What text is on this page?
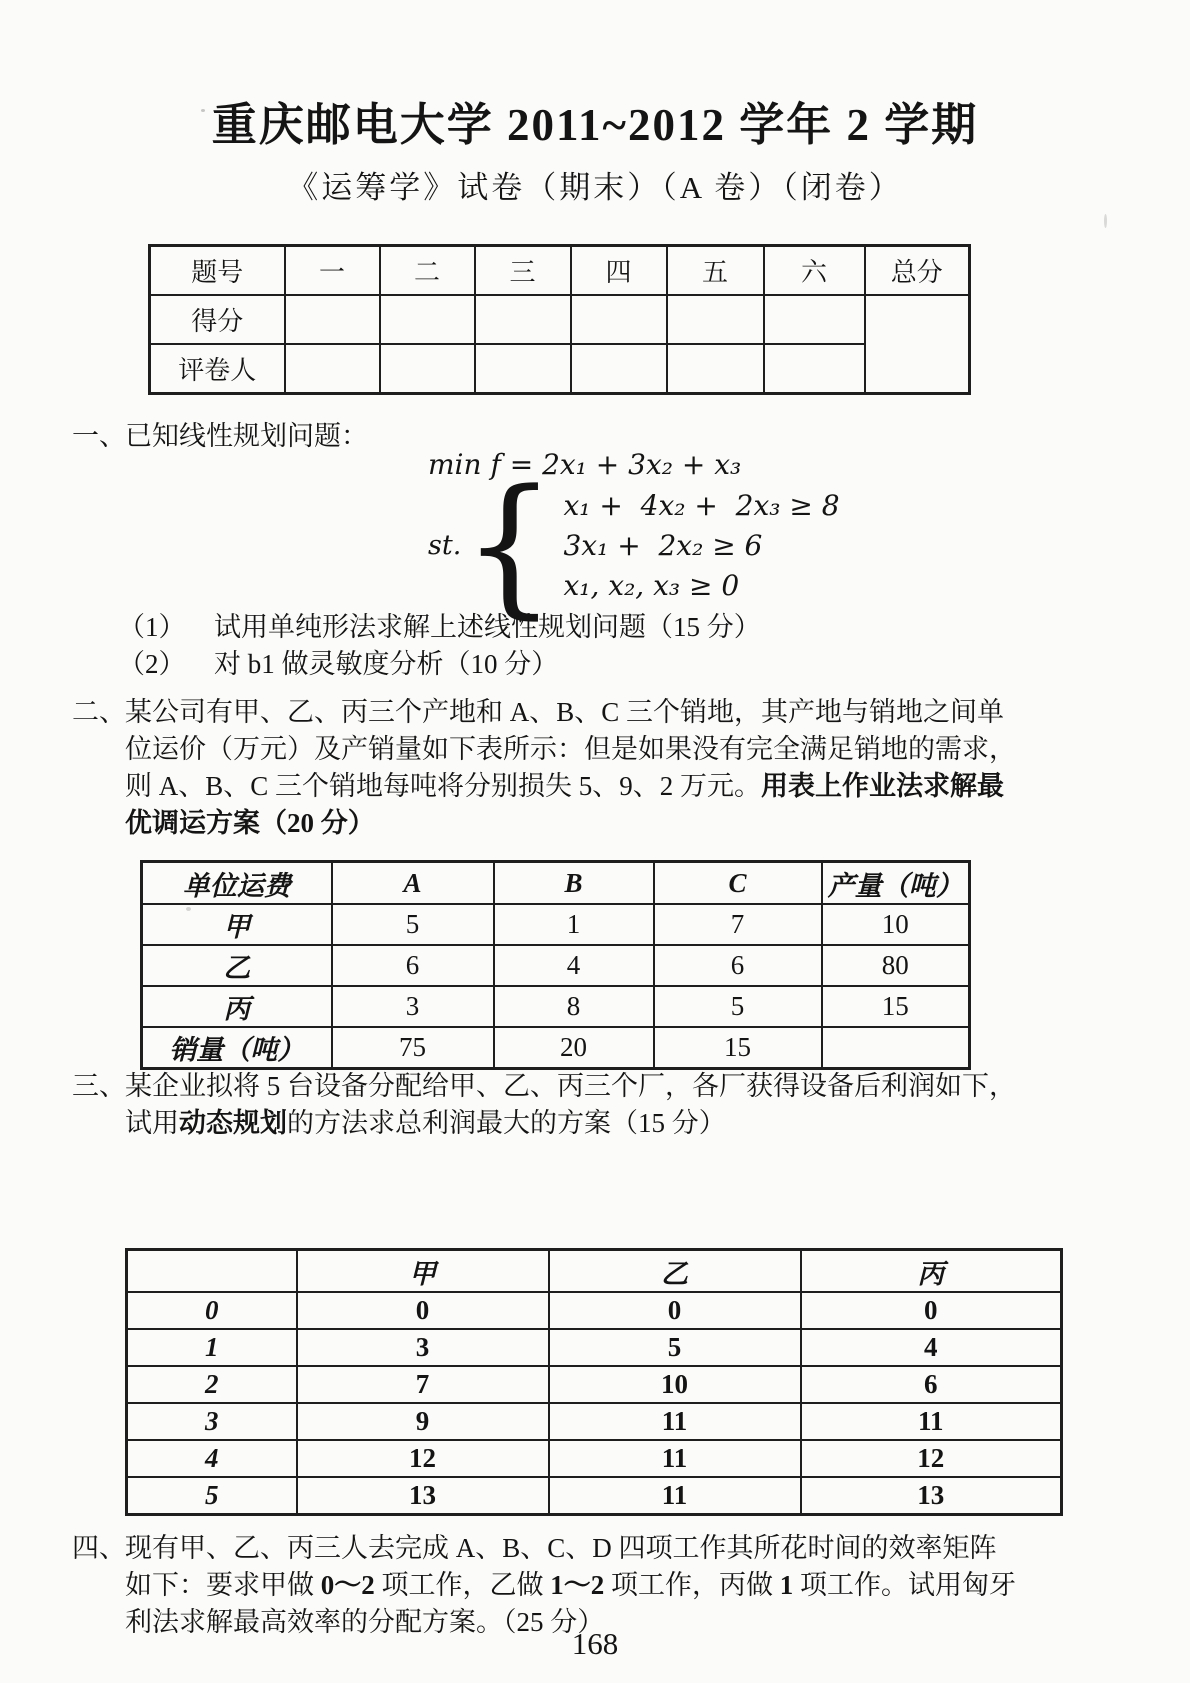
重庆邮电大学 2011~2012 学年 2 学期
《运筹学》试卷（期末）（A 卷）（闭卷）
题号	一	二	三	四	五	六	总分
得分							
评卷人							
一、 已知线性规划问题：
min f = 2x₁ + 3x₂ + x₃
st. { x₁ +  4x₂ +  2x₃ ≥ 8
3x₁ +  2x₂ ≥ 6
x₁, x₂, x₃ ≥ 0
（1）	试用单纯形法求解上述线性规划问题（15 分）
（2）	对 b1 做灵敏度分析（10 分）
二、 某公司有甲、乙、丙三个产地和 A、B、C 三个销地，其产地与销地之间单
位运价（万元）及产销量如下表所示：但是如果没有完全满足销地的需求，
则 A、B、C 三个销地每吨将分别损失 5、9、2 万元。用表上作业法求解最
优调运方案（20 分）
单位运费	A	B	C	产量（吨）
甲	5	1	7	10
乙	6	4	6	80
丙	3	8	5	15
销量（吨）	75	20	15	
三、 某企业拟将 5 台设备分配给甲、乙、丙三个厂，各厂获得设备后利润如下，
试用动态规划的方法求总利润最大的方案（15 分）
	甲	乙	丙
0	0	0	0
1	3	5	4
2	7	10	6
3	9	11	11
4	12	11	12
5	13	11	13
四、 现有甲、乙、丙三人去完成 A、B、C、D 四项工作其所花时间的效率矩阵
如下：要求甲做 0～2 项工作，乙做 1～2 项工作，丙做 1 项工作。试用匈牙
利法求解最高效率的分配方案。（25 分）
168
